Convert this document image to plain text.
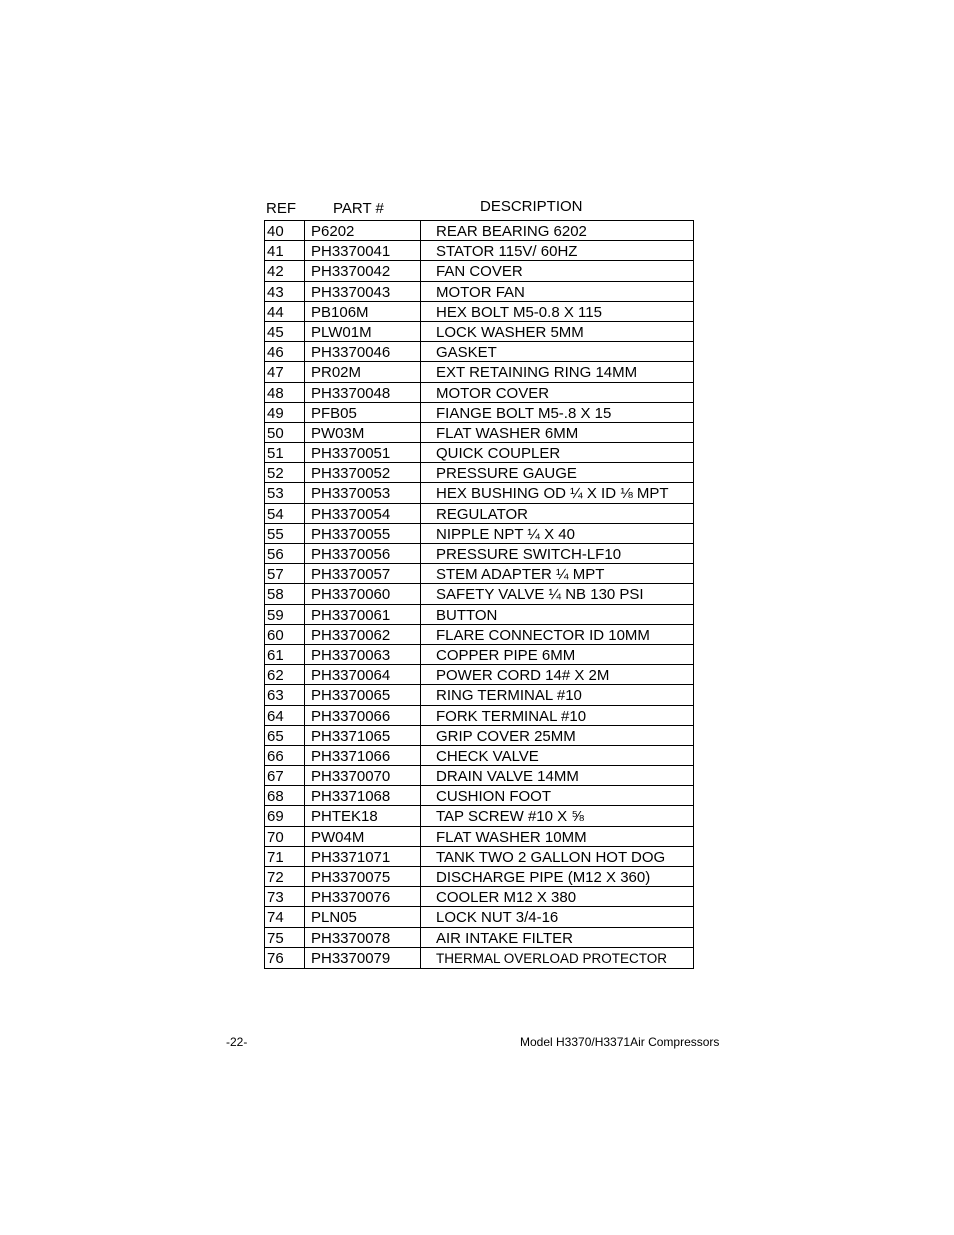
REF PART #	DESCRIPTION
40	P6202	REAR BEARING 6202
41	PH3370041	STATOR 115V/ 60HZ
42	PH3370042	FAN COVER
43	PH3370043	MOTOR FAN
44	PB106M	HEX BOLT M5-0.8 X 115
45	PLW01M	LOCK WASHER 5MM
46	PH3370046	GASKET
47	PR02M	EXT RETAINING RING 14MM
48	PH3370048	MOTOR COVER
49	PFB05	FIANGE BOLT M5-.8 X 15
50	PW03M	FLAT WASHER 6MM
51	PH3370051	QUICK COUPLER
52	PH3370052	PRESSURE GAUGE
53	PH3370053	HEX BUSHING OD ¼ X ID ⅛ MPT
54	PH3370054	REGULATOR
55	PH3370055	NIPPLE NPT ¼ X 40
56	PH3370056	PRESSURE SWITCH-LF10
57	PH3370057	STEM ADAPTER ¼ MPT
58	PH3370060	SAFETY VALVE ¼ NB 130 PSI
59	PH3370061	BUTTON
60	PH3370062	FLARE CONNECTOR ID 10MM
61	PH3370063	COPPER PIPE 6MM
62	PH3370064	POWER CORD 14# X 2M
63	PH3370065	RING TERMINAL #10
64	PH3370066	FORK TERMINAL #10
65	PH3371065	GRIP COVER 25MM
66	PH3371066	CHECK VALVE
67	PH3370070	DRAIN VALVE 14MM
68	PH3371068	CUSHION FOOT
69	PHTEK18	TAP SCREW #10 X ⅝
70	PW04M	FLAT WASHER 10MM
71	PH3371071	TANK TWO 2 GALLON HOT DOG
72	PH3370075	DISCHARGE PIPE (M12 X 360)
73	PH3370076	COOLER M12 X 380
74	PLN05	LOCK NUT 3/4-16
75	PH3370078	AIR INTAKE FILTER
76	PH3370079	THERMAL OVERLOAD PROTECTOR
-22-	Model H3370/H3371Air Compressors
